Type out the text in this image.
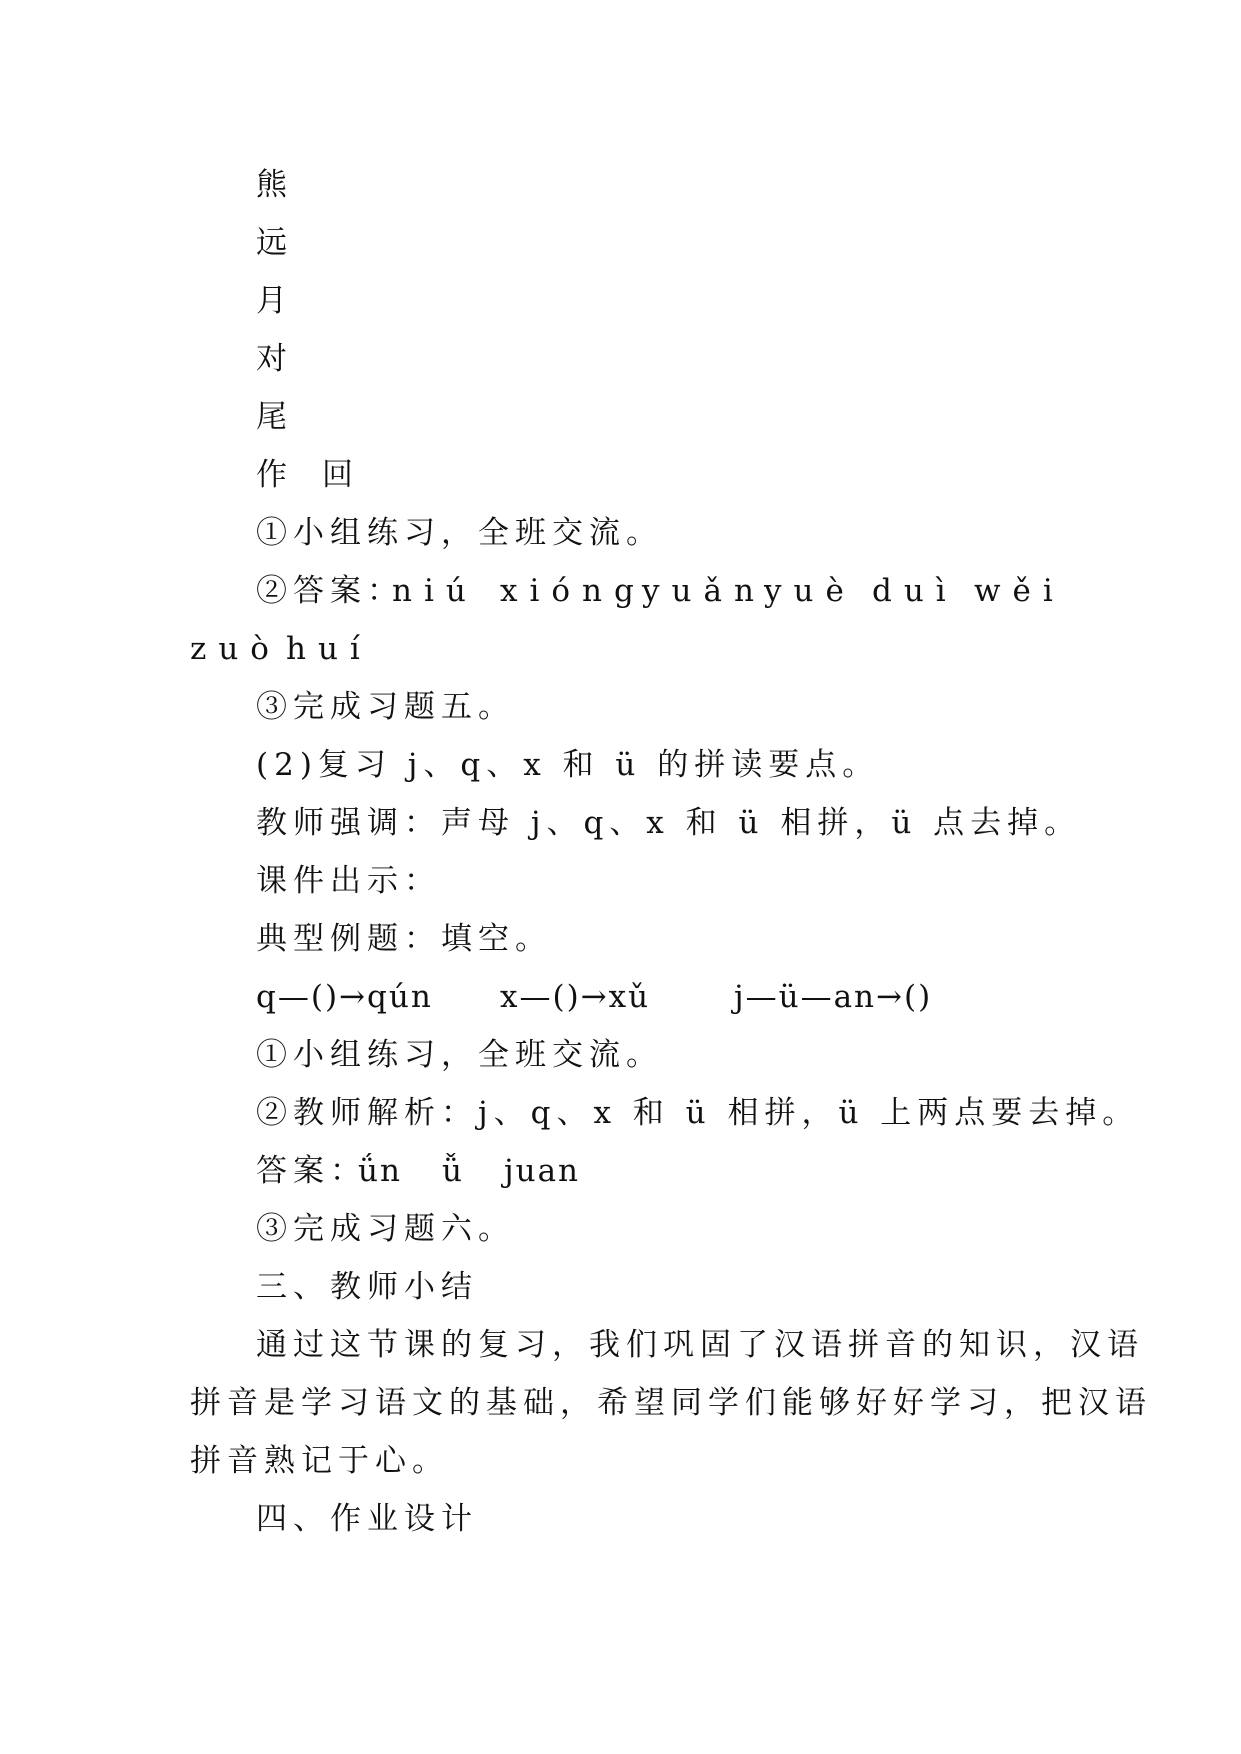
熊
远
月
对
尾
作 回
①小组练习，全班交流。
②答案：
niú xióng
yuǎn
yuè duì wěi
zuò huí
③完成习题五。
(2)复习 j、q、x 和 ü 的拼读要点。
教师强调：声母 j、q、x 和 ü 相拼，ü 点去掉。
课件出示：
典型例题：填空。
q—()→qún x—()→xǔ	j—ü—an→()
①小组练习，全班交流。
②教师解析：j、q、x 和 ü 相拼，ü 上两点要去掉。
答案：
ǘn ǚ juan
③完成习题六。
三、教师小结
通过这节课的复习，我们巩固了汉语拼音的知识，汉语
拼音是学习语文的基础，希望同学们能够好好学习，把汉语
拼音熟记于心。
四、作业设计
